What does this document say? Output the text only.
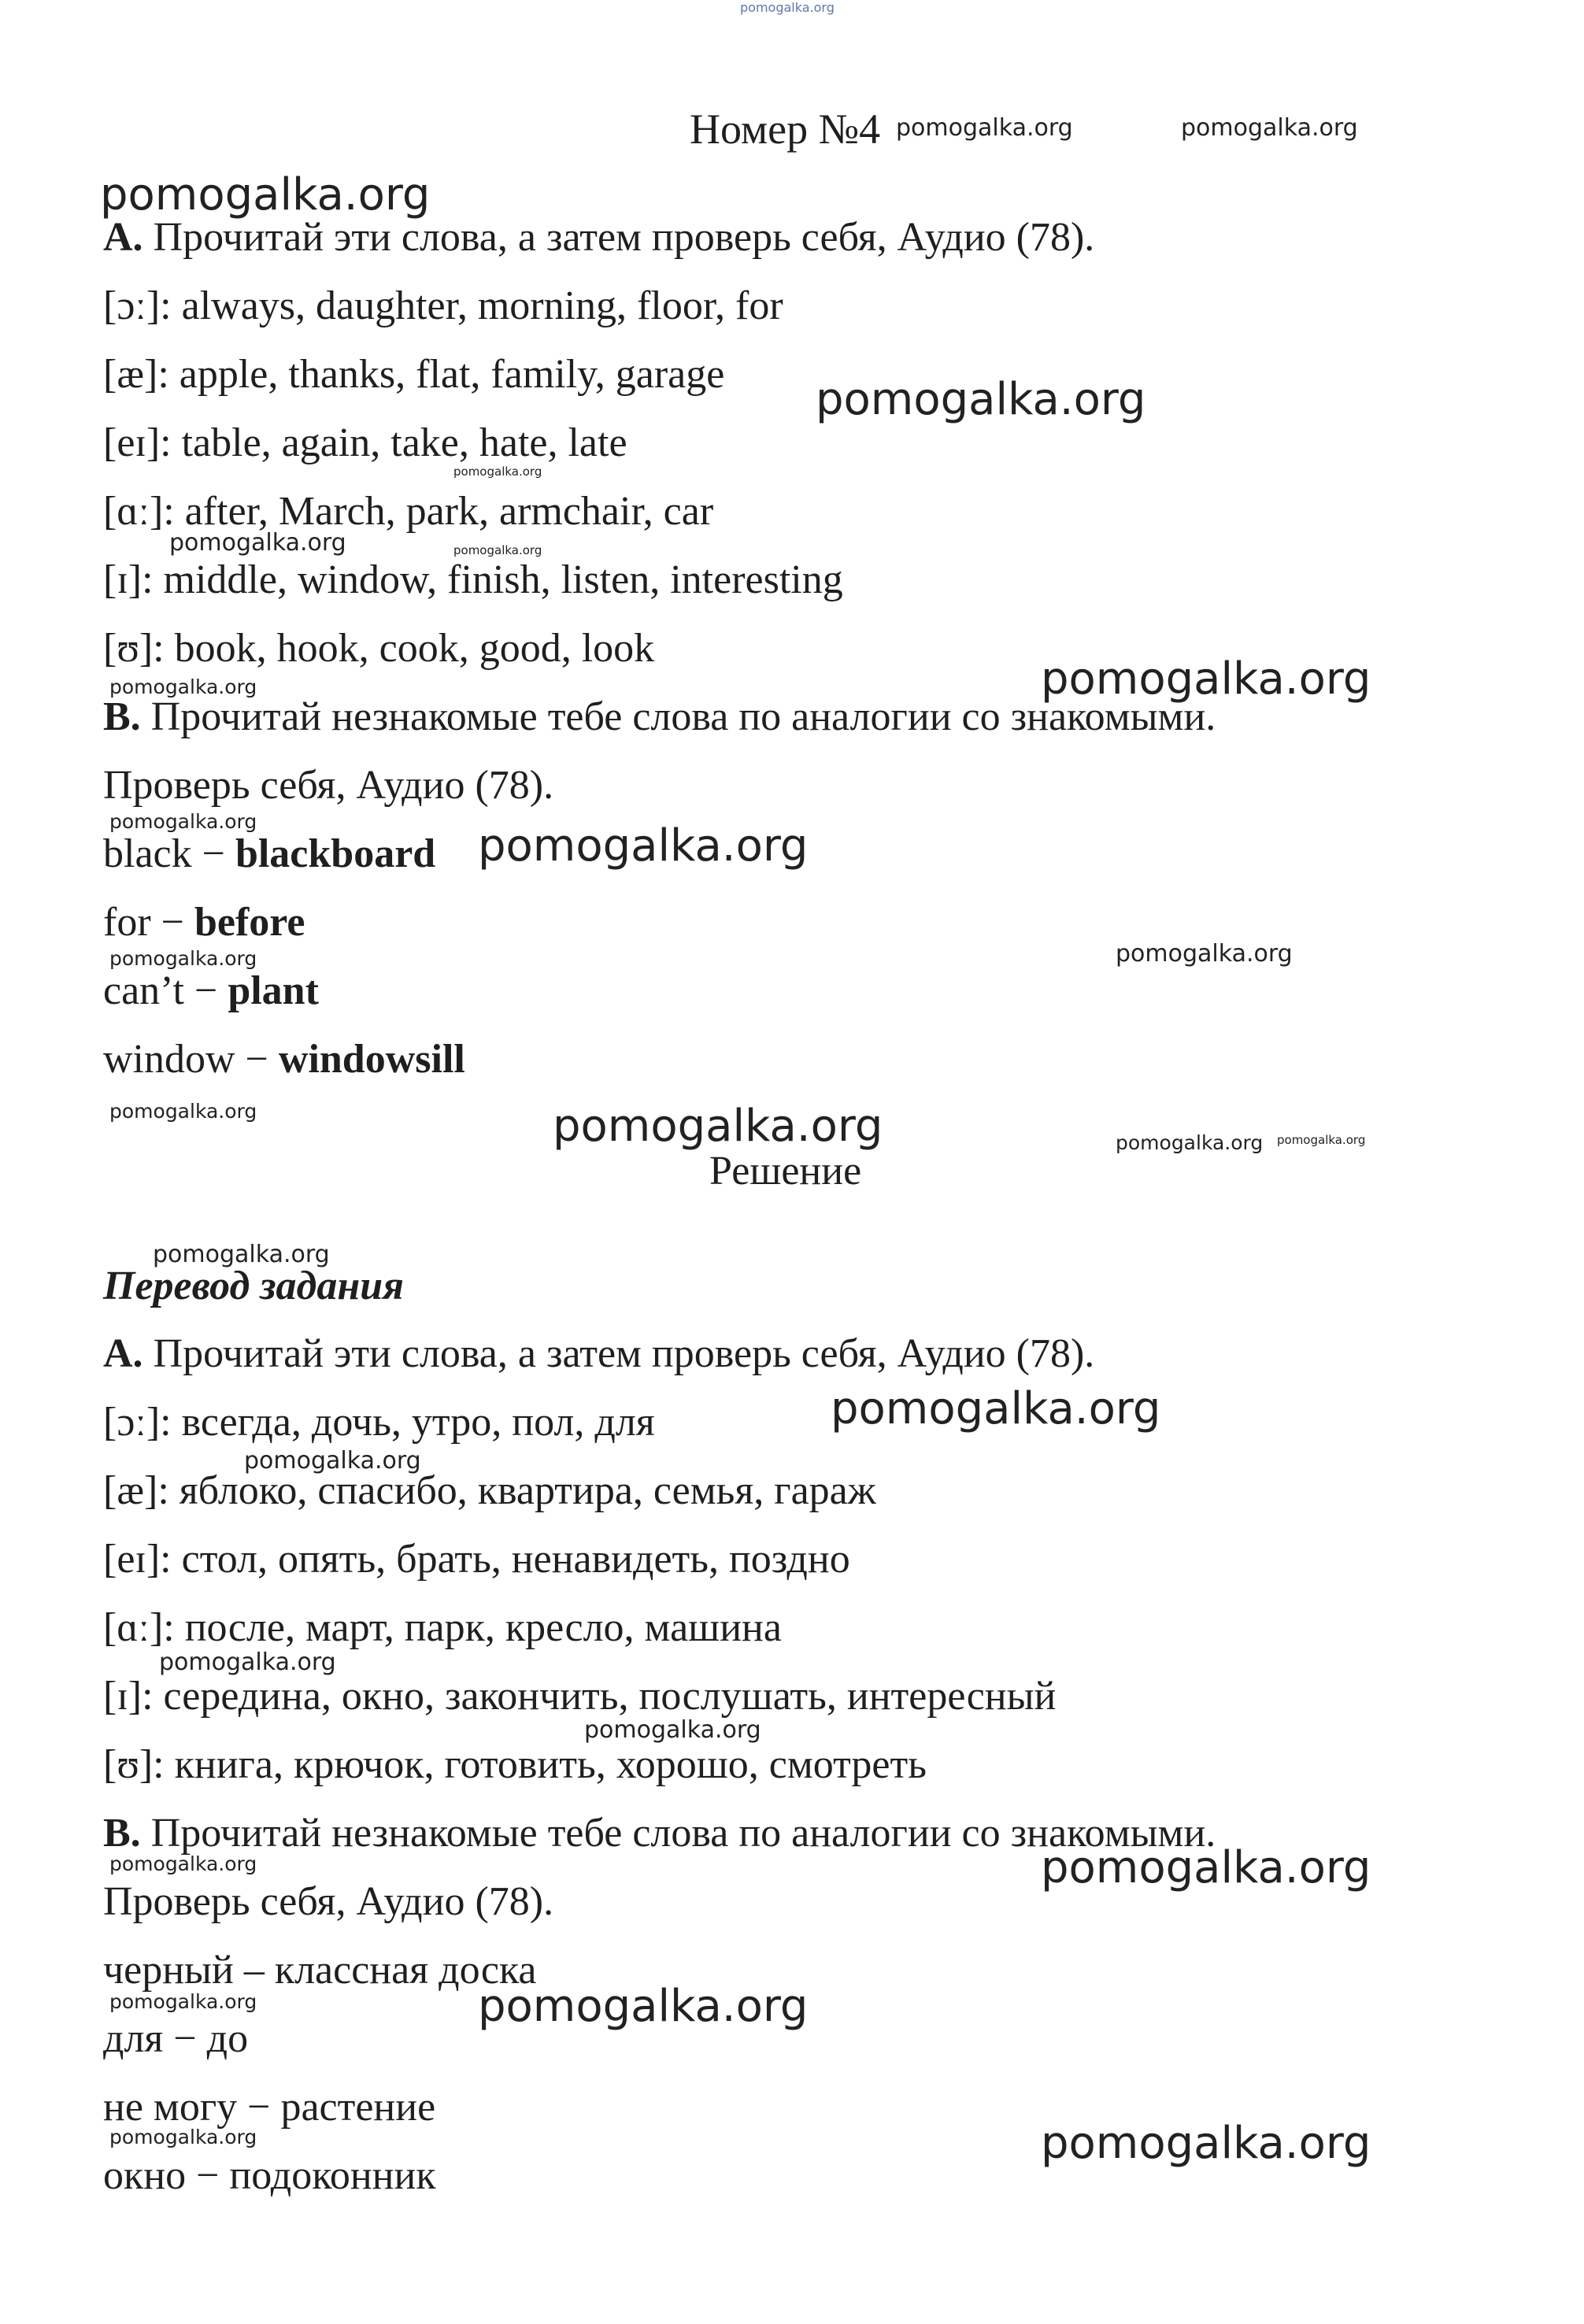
Номер №4
A. Прочитай эти слова, а затем проверь себя, Аудио (78).
[ɔː]: always, daughter, morning, floor, for
[æ]: apple, thanks, flat, family, garage
[eɪ]: table, again, take, hate, late
[ɑː]: after, March, park, armchair, car
[ɪ]: middle, window, finish, listen, interesting
[ʊ]: book, hook, cook, good, look
B. Прочитай незнакомые тебе слова по аналогии со знакомыми.
Проверь себя, Аудио (78).
black − blackboard
for − before
can’t − plant
window − windowsill
Решение
Перевод задания
A. Прочитай эти слова, а затем проверь себя, Аудио (78).
[ɔː]: всегда, дочь, утро, пол, для
[æ]: яблоко, спасибо, квартира, семья, гараж
[eɪ]: стол, опять, брать, ненавидеть, поздно
[ɑː]: после, март, парк, кресло, машина
[ɪ]: середина, окно, закончить, послушать, интересный
[ʊ]: книга, крючок, готовить, хорошо, смотреть
B. Прочитай незнакомые тебе слова по аналогии со знакомыми.
Проверь себя, Аудио (78).
черный – классная доска
для − до
не могу − растение
окно − подоконник
pomogalka.org
pomogalka.org	pomogalka.org
pomogalka.org
pomogalka.org
pomogalka.org
pomogalka.org	pomogalka.org
pomogalka.org	pomogalka.org
pomogalka.org	pomogalka.org
pomogalka.org	pomogalka.org
pomogalka.org	pomogalka.org	pomogalka.org pomogalka.org
pomogalka.org
pomogalka.org
pomogalka.org
pomogalka.org
pomogalka.org
pomogalka.org	pomogalka.org
pomogalka.org	pomogalka.org
pomogalka.org	pomogalka.org
